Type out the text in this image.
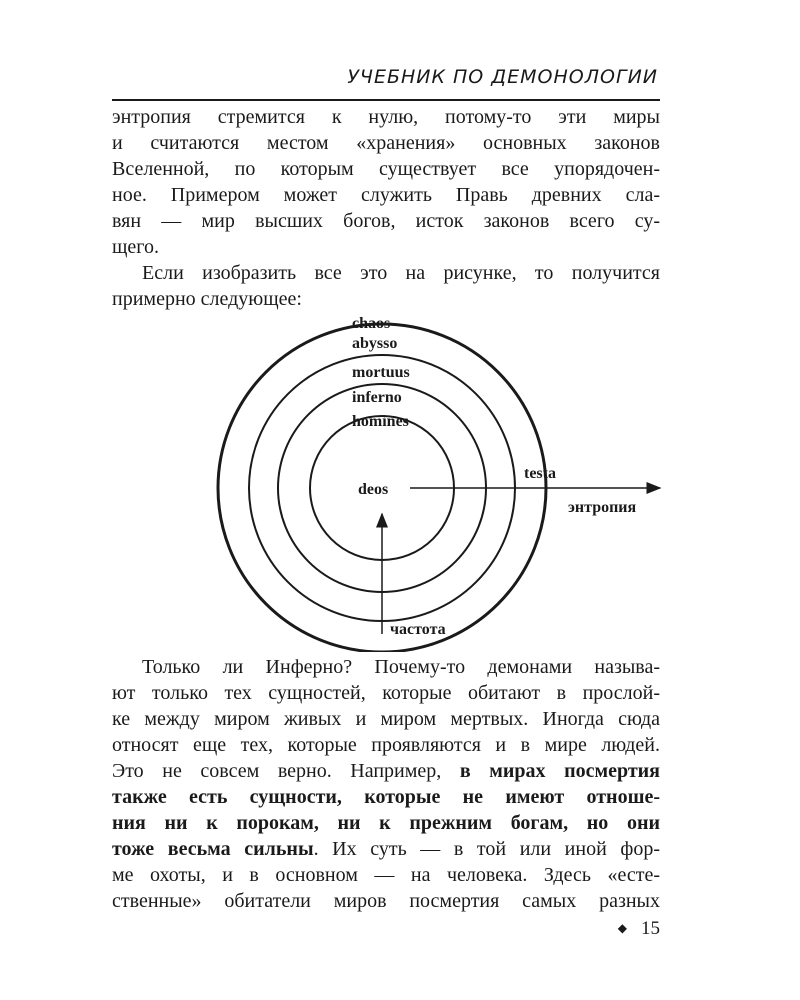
УЧЕБНИК ПО ДЕМОНОЛОГИИ
энтропия стремится к нулю, потому-то эти миры
и считаются местом «хранения» основных законов
Вселенной, по которым существует все упорядочен-
ное. Примером может служить Правь древних сла-
вян — мир высших богов, исток законов всего су-
щего.
Если изобразить все это на рисунке, то получится
примерно следующее:
chaos
abysso
mortuus
inferno
homines
deos
testa
энтропия
частота
Только ли Инферно? Почему-то демонами называ-
ют только тех сущностей, которые обитают в прослой-
ке между миром живых и миром мертвых. Иногда сюда
относят еще тех, которые проявляются и в мире людей.
Это не совсем верно. Например, в мирах посмертия
также есть сущности, которые не имеют отноше-
ния ни к порокам, ни к прежним богам, но они
тоже весьма сильны. Их суть — в той или иной фор-
ме охоты, и в основном — на человека. Здесь «есте-
ственные» обитатели миров посмертия самых разных
◆ 15
